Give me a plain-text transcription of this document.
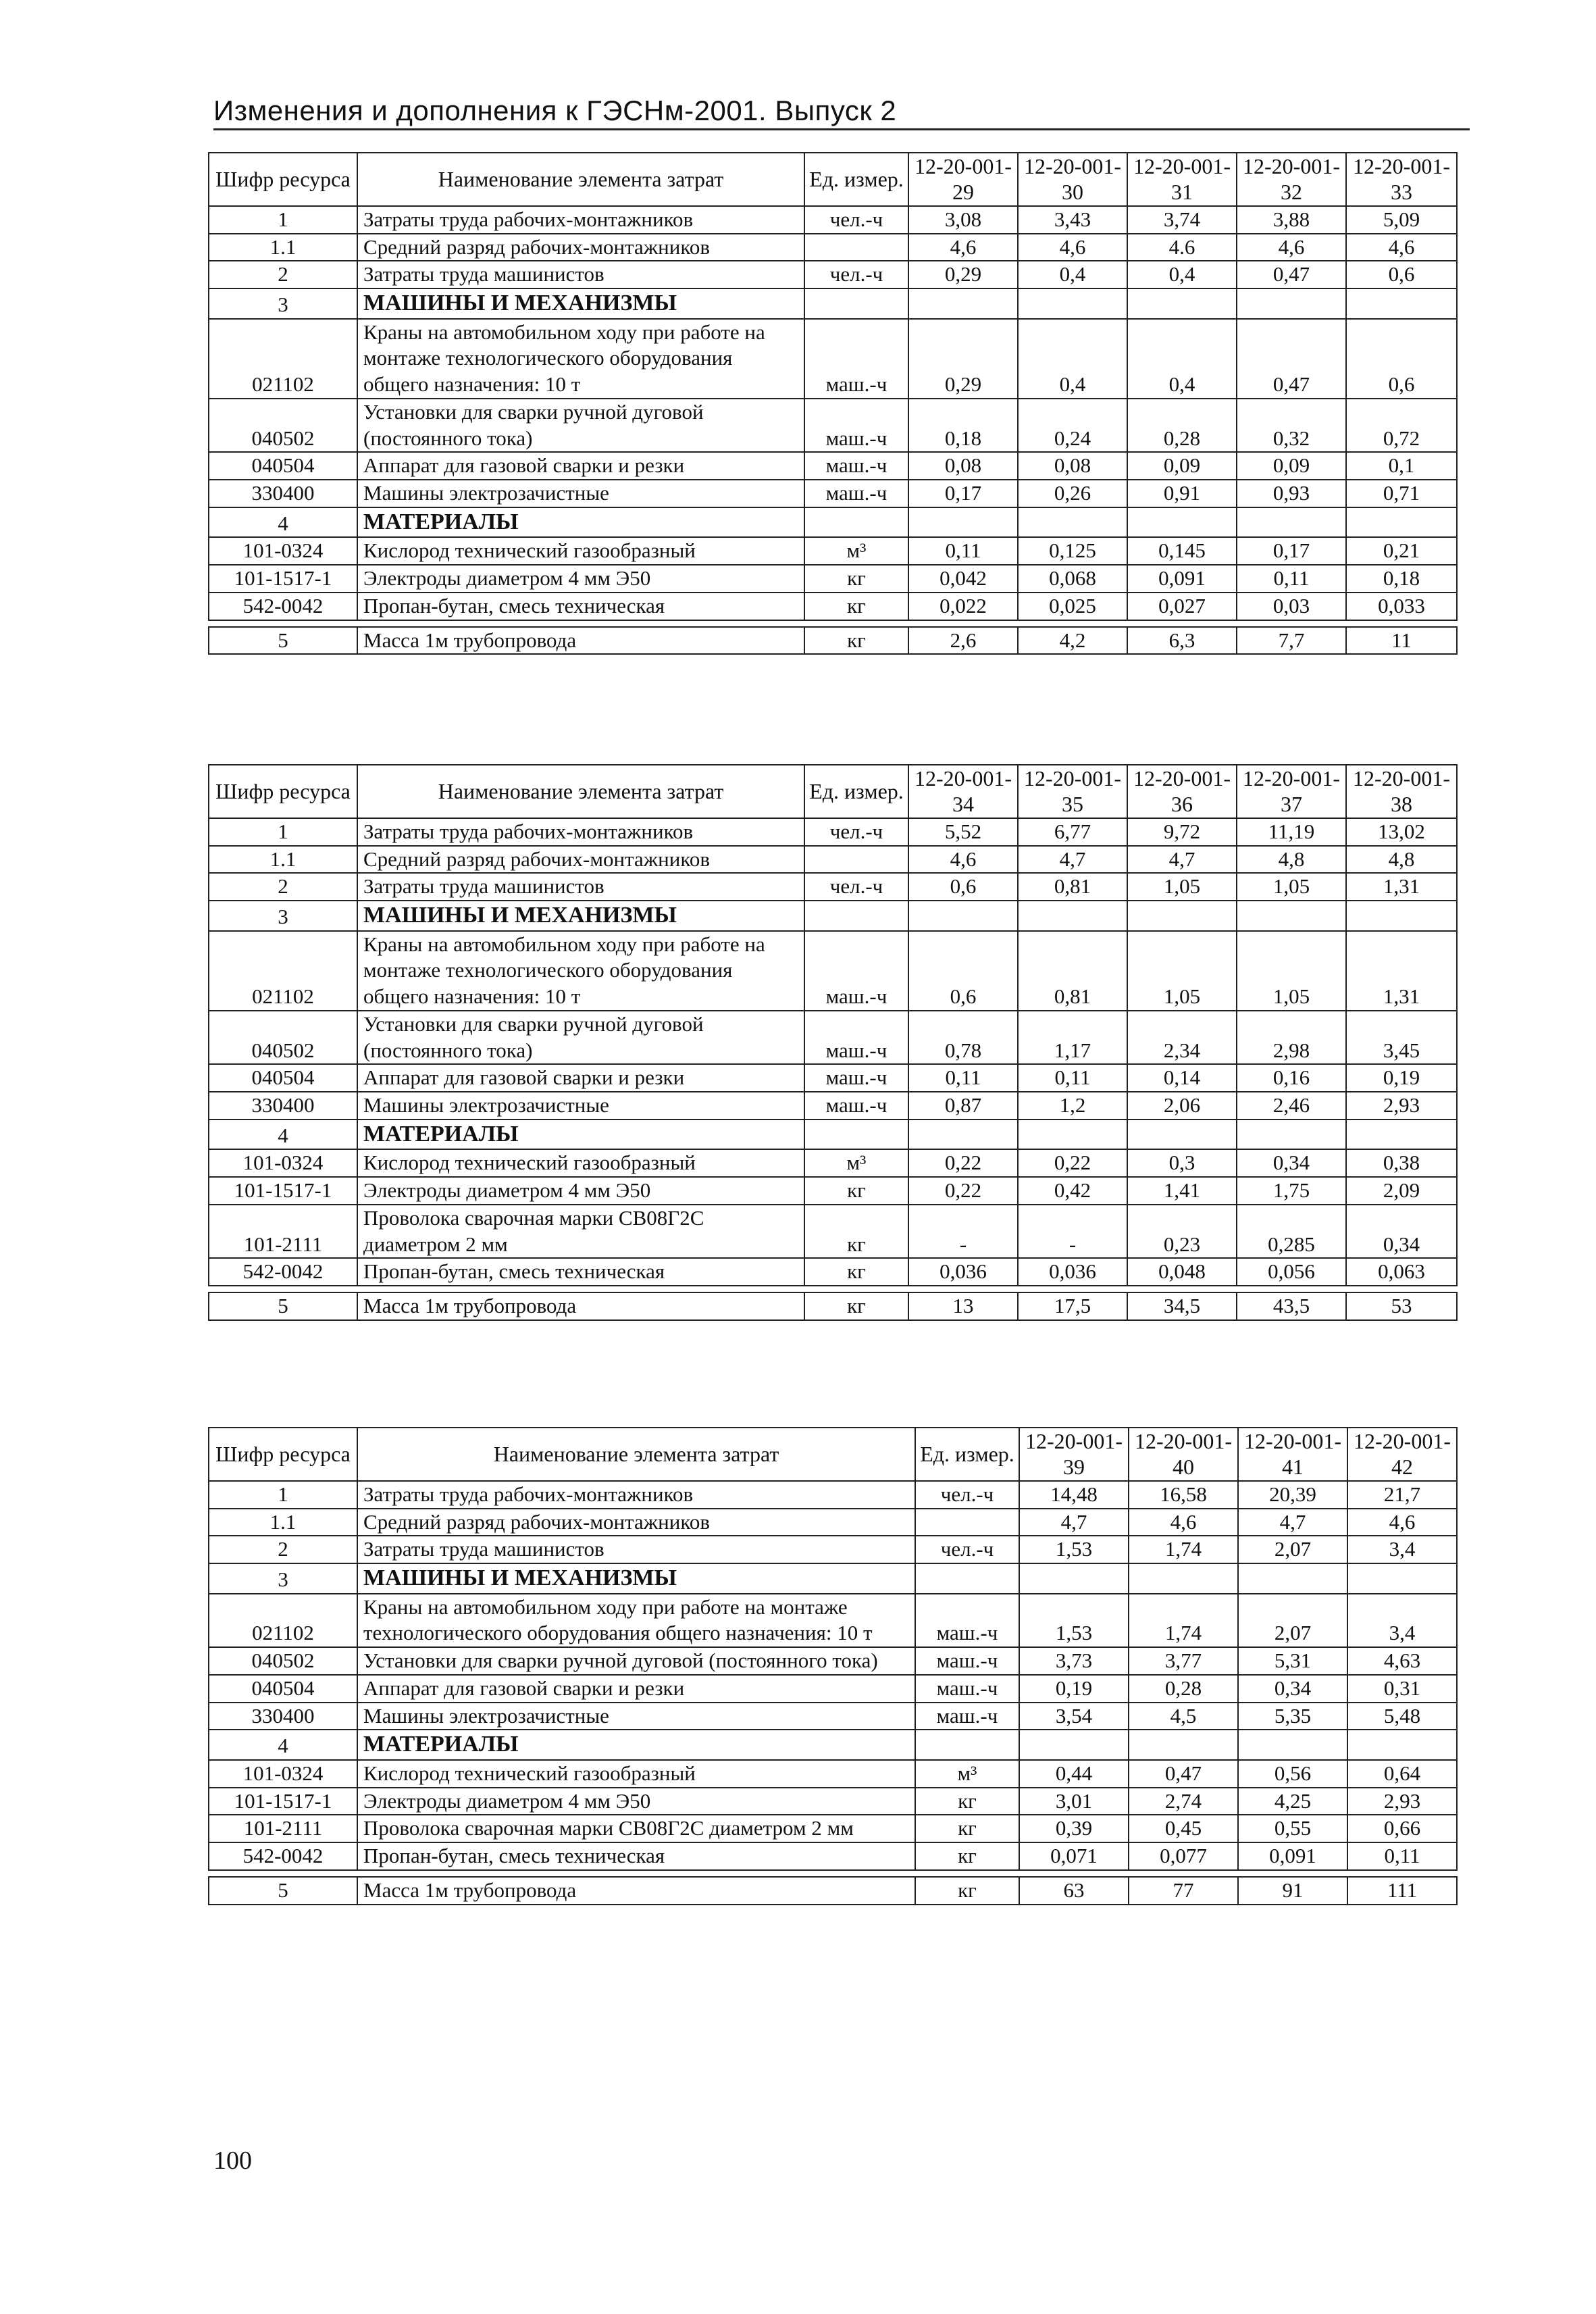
Изменения и дополнения к ГЭСНм-2001. Выпуск 2
Шифр ресурса	Наименование элемента затрат	Ед. измер.	12-20-001-29	12-20-001-30	12-20-001-31	12-20-001-32	12-20-001-33
1	Затраты труда рабочих-монтажников	чел.-ч	3,08	3,43	3,74	3,88	5,09
1.1	Средний разряд рабочих-монтажников		4,6	4,6	4.6	4,6	4,6
2	Затраты труда машинистов	чел.-ч	0,29	0,4	0,4	0,47	0,6
3	МАШИНЫ И МЕХАНИЗМЫ						
021102	Краны на автомобильном ходу при работе на монтаже технологического оборудования общего назначения: 10 т	маш.-ч	0,29	0,4	0,4	0,47	0,6
040502	Установки для сварки ручной дуговой (постоянного тока)	маш.-ч	0,18	0,24	0,28	0,32	0,72
040504	Аппарат для газовой сварки и резки	маш.-ч	0,08	0,08	0,09	0,09	0,1
330400	Машины электрозачистные	маш.-ч	0,17	0,26	0,91	0,93	0,71
4	МАТЕРИАЛЫ						
101-0324	Кислород технический газообразный	м³	0,11	0,125	0,145	0,17	0,21
101-1517-1	Электроды диаметром 4 мм Э50	кг	0,042	0,068	0,091	0,11	0,18
542-0042	Пропан-бутан, смесь техническая	кг	0,022	0,025	0,027	0,03	0,033

5	Масса 1м трубопровода	кг	2,6	4,2	6,3	7,7	11
Шифр ресурса	Наименование элемента затрат	Ед. измер.	12-20-001-34	12-20-001-35	12-20-001-36	12-20-001-37	12-20-001-38
1	Затраты труда рабочих-монтажников	чел.-ч	5,52	6,77	9,72	11,19	13,02
1.1	Средний разряд рабочих-монтажников		4,6	4,7	4,7	4,8	4,8
2	Затраты труда машинистов	чел.-ч	0,6	0,81	1,05	1,05	1,31
3	МАШИНЫ И МЕХАНИЗМЫ						
021102	Краны на автомобильном ходу при работе на монтаже технологического оборудования общего назначения: 10 т	маш.-ч	0,6	0,81	1,05	1,05	1,31
040502	Установки для сварки ручной дуговой (постоянного тока)	маш.-ч	0,78	1,17	2,34	2,98	3,45
040504	Аппарат для газовой сварки и резки	маш.-ч	0,11	0,11	0,14	0,16	0,19
330400	Машины электрозачистные	маш.-ч	0,87	1,2	2,06	2,46	2,93
4	МАТЕРИАЛЫ						
101-0324	Кислород технический газообразный	м³	0,22	0,22	0,3	0,34	0,38
101-1517-1	Электроды диаметром 4 мм Э50	кг	0,22	0,42	1,41	1,75	2,09
101-2111	Проволока сварочная марки СВ08Г2С диаметром 2 мм	кг	-	-	0,23	0,285	0,34
542-0042	Пропан-бутан, смесь техническая	кг	0,036	0,036	0,048	0,056	0,063

5	Масса 1м трубопровода	кг	13	17,5	34,5	43,5	53
Шифр ресурса	Наименование элемента затрат	Ед. измер.	12-20-001-39	12-20-001-40	12-20-001-41	12-20-001-42
1	Затраты труда рабочих-монтажников	чел.-ч	14,48	16,58	20,39	21,7
1.1	Средний разряд рабочих-монтажников		4,7	4,6	4,7	4,6
2	Затраты труда машинистов	чел.-ч	1,53	1,74	2,07	3,4
3	МАШИНЫ И МЕХАНИЗМЫ					
021102	Краны на автомобильном ходу при работе на монтаже технологического оборудования общего назначения: 10 т	маш.-ч	1,53	1,74	2,07	3,4
040502	Установки для сварки ручной дуговой (постоянного тока)	маш.-ч	3,73	3,77	5,31	4,63
040504	Аппарат для газовой сварки и резки	маш.-ч	0,19	0,28	0,34	0,31
330400	Машины электрозачистные	маш.-ч	3,54	4,5	5,35	5,48
4	МАТЕРИАЛЫ					
101-0324	Кислород технический газообразный	м³	0,44	0,47	0,56	0,64
101-1517-1	Электроды диаметром 4 мм Э50	кг	3,01	2,74	4,25	2,93
101-2111	Проволока сварочная марки СВ08Г2С диаметром 2 мм	кг	0,39	0,45	0,55	0,66
542-0042	Пропан-бутан, смесь техническая	кг	0,071	0,077	0,091	0,11

5	Масса 1м трубопровода	кг	63	77	91	111
100
